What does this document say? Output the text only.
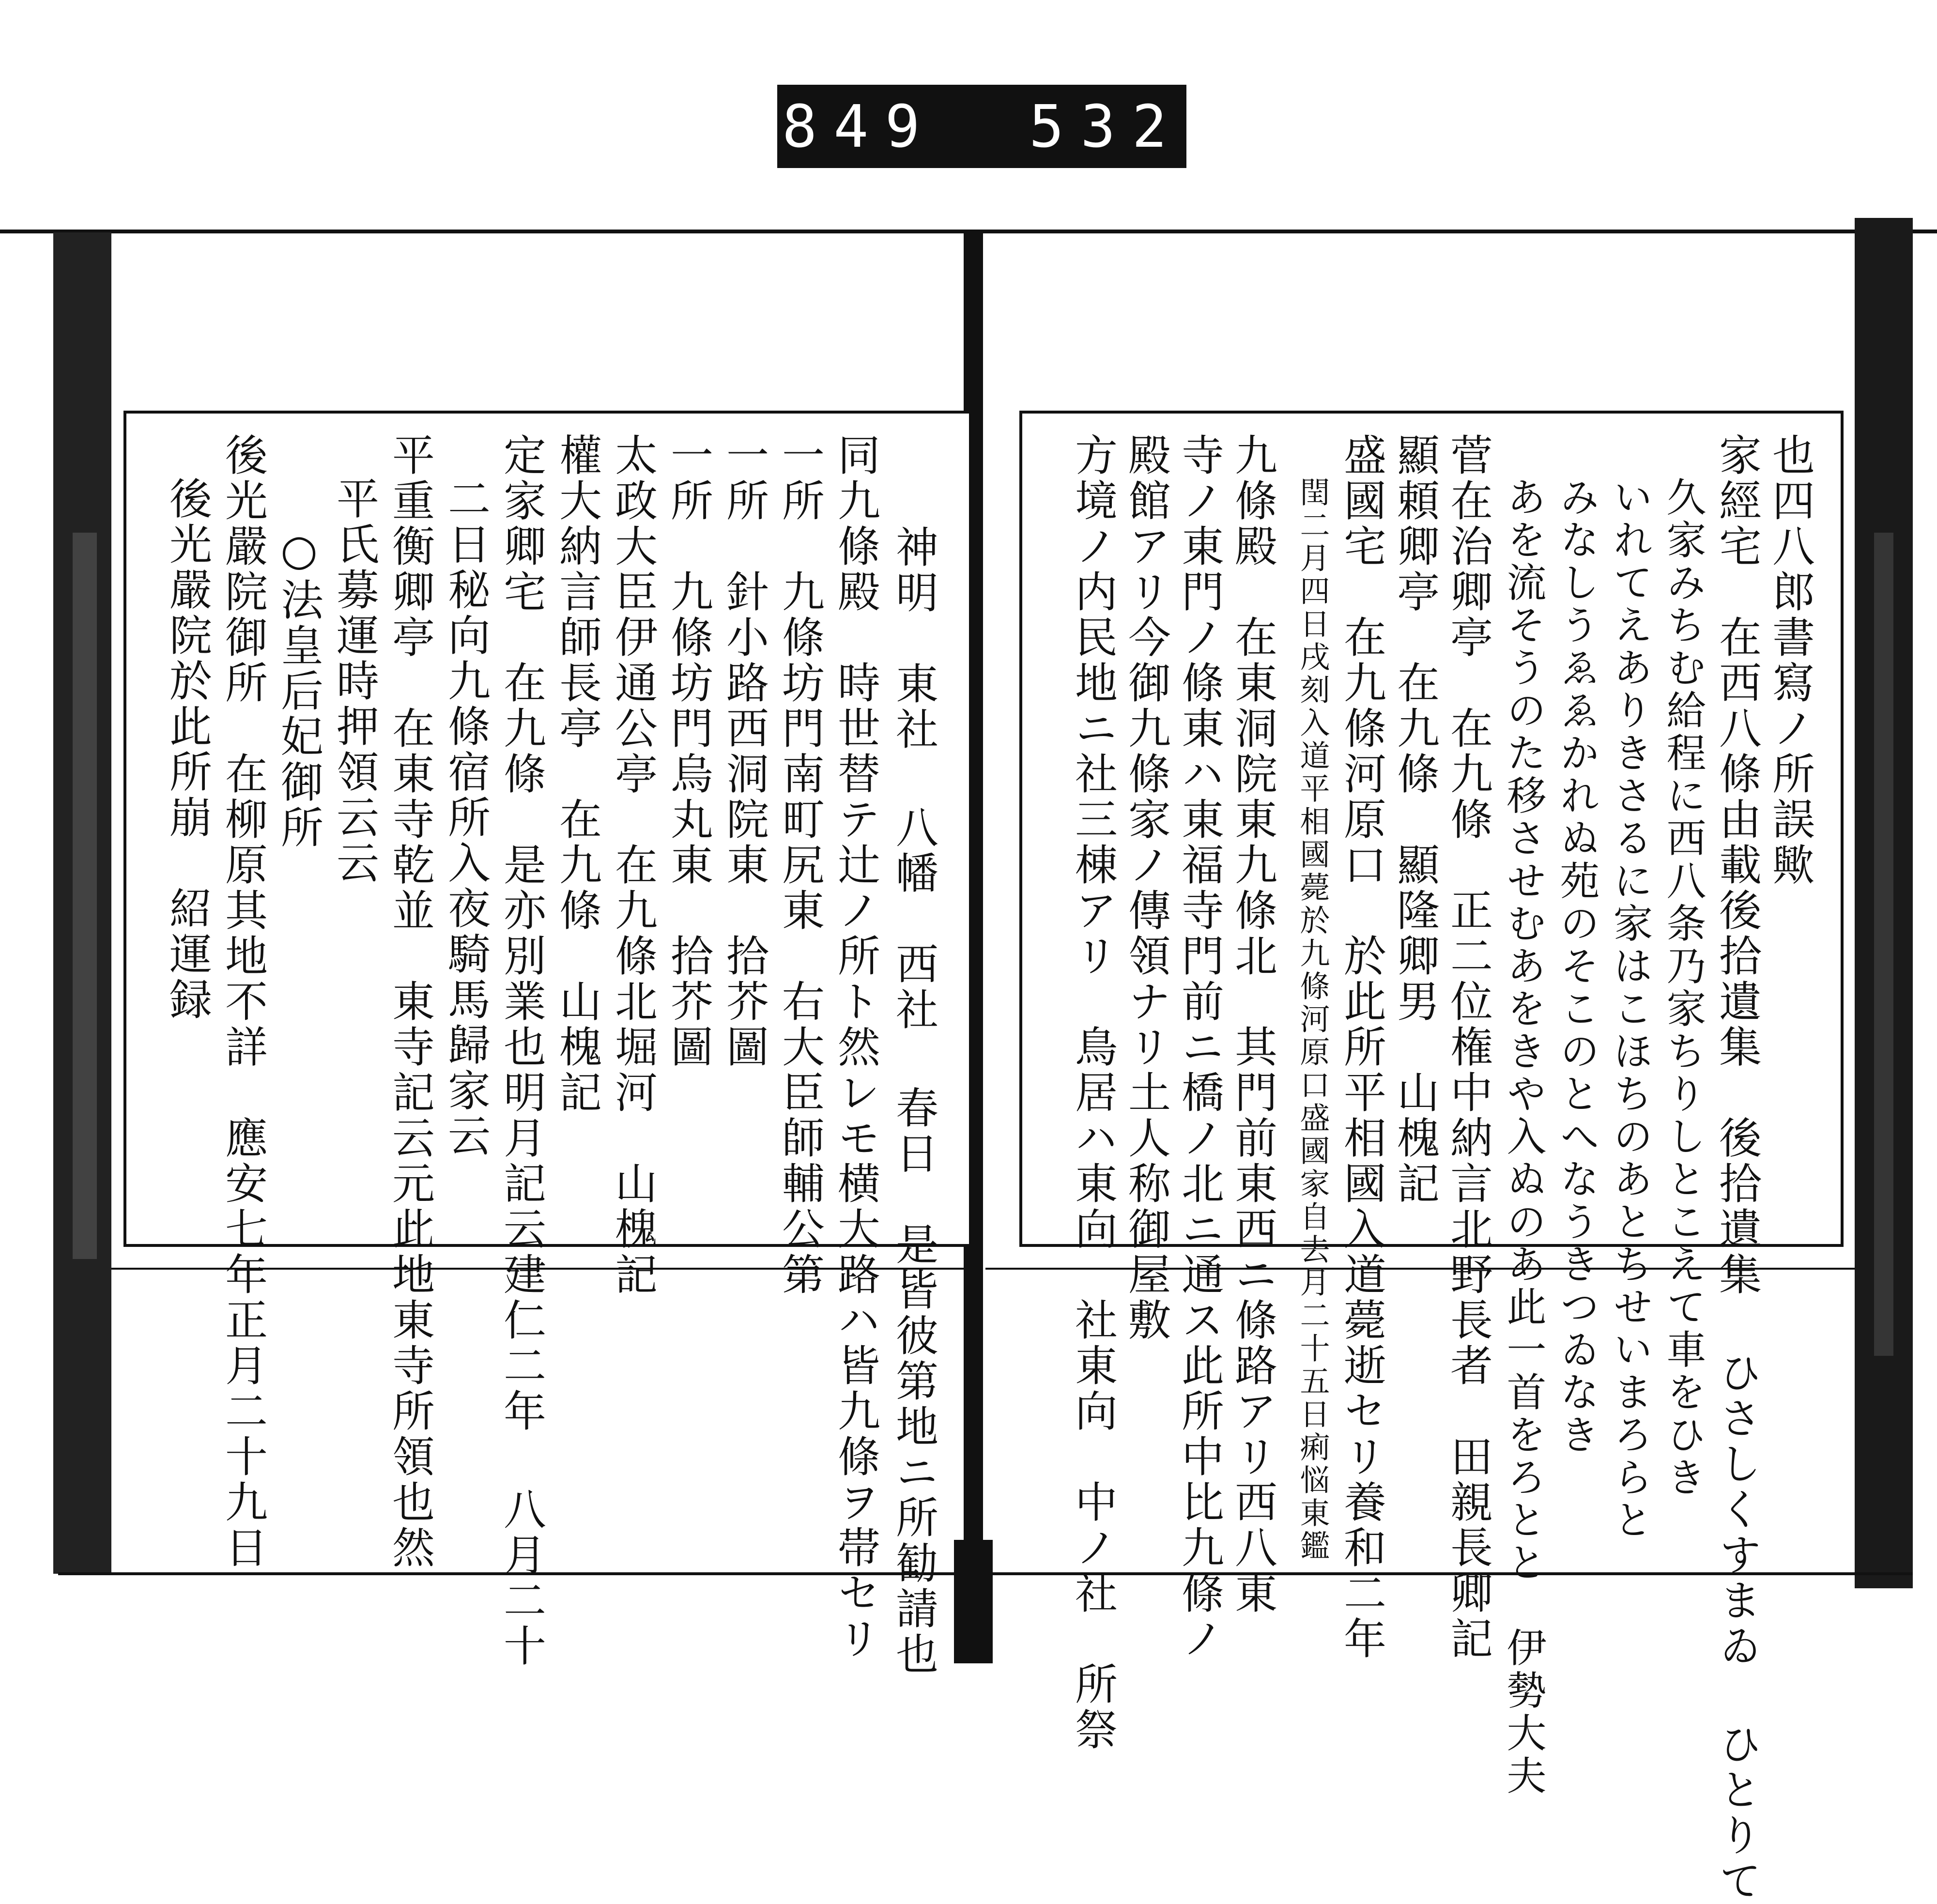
849 532.
神明　東社 八幡　西社 春日　是皆彼第地ニ所勧請也
同九條殿　時世替テ辻ノ所ト然レモ横大路ハ皆九條ヲ帯セリ
一所　九條坊門南町尻東　右大臣師輔公第
一所　針小路西洞院東　拾芥圖
一所　九條坊門烏丸東　拾芥圖
太政大臣伊通公亭　在九條北堀河　山槐記
權大納言師長亭　在九條　山槐記
定家卿宅　在九條　是亦別業也明月記云建仁二年 八月二十
二日秘向九條宿所入夜騎馬歸家云
平重衡卿亭　在東寺乾並　東寺記云元此地東寺所領也然
平氏募運時押領云云
○法皇后妃御所
後光嚴院御所　在柳原其地不詳　應安七年正月二十九日
後光嚴院於此所崩　紹運録	也四八郎書寫ノ所誤歟
家經宅　在西八條由載後拾遺集　後拾遺集 ひさしくすまゐ ひとりて
久家みちむ給程に西八条乃家ちりしとこえて車をひき
いれてえありきさるに家はこほちのあとちせいまろらと
みなしうゑゑかれぬ苑のそこのとへなうきつゐなき
あを流そうのた移させむあをきや入ぬのあ此一首をろとと　伊勢大夫
菅在治卿亭　在九條　正二位権中納言北野長者　田親長卿記
顯頼卿亭　在九條　顯隆卿男　山槐記
盛國宅　在九條河原口　於此所平相國入道薨逝セリ養和二年
閏二月四日戌刻入道平相國薨於九條河原口盛國家自去月二十五日痢悩東鑑
九條殿　在東洞院東九條北　其門前東西ニ條路アリ西八東
寺ノ東門ノ條東ハ東福寺門前ニ橋ノ北ニ通ス此所中比九條ノ
殿館アリ今御九條家ノ傳領ナリ土人称御屋敷
方境ノ内民地ニ社三棟アリ　鳥居ハ東向　社東向　中ノ社　所祭
